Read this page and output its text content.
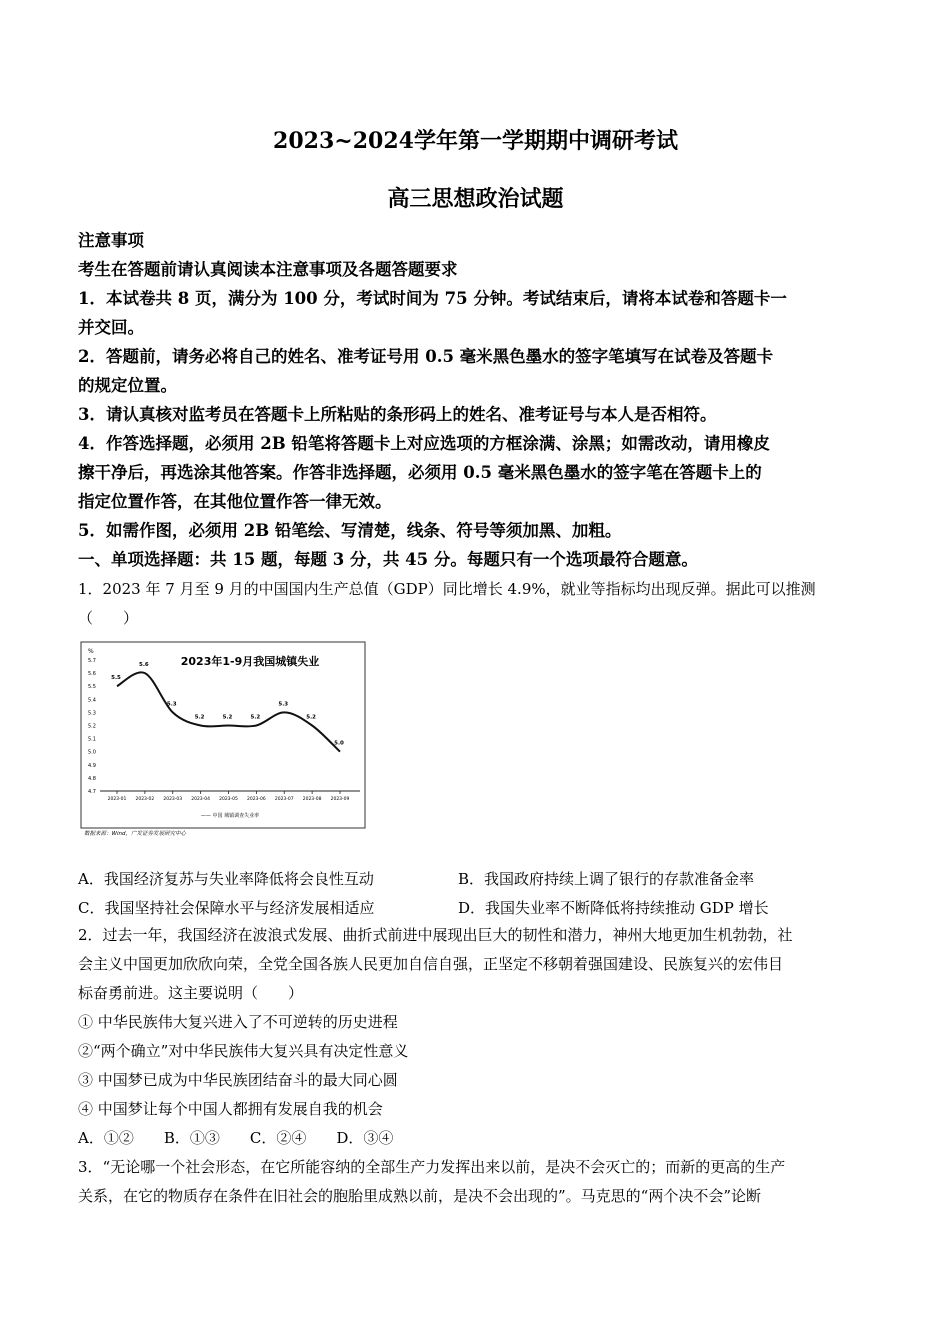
2023~2024学年第一学期期中调研考试
高三思想政治试题
注意事项
考生在答题前请认真阅读本注意事项及各题答题要求
1．本试卷共 8 页，满分为 100 分，考试时间为 75 分钟。考试结束后，请将本试卷和答题卡一
并交回。
2．答题前，请务必将自己的姓名、准考证号用 0.5 毫米黑色墨水的签字笔填写在试卷及答题卡
的规定位置。
3．请认真核对监考员在答题卡上所粘贴的条形码上的姓名、准考证号与本人是否相符。
4．作答选择题，必须用 2B 铅笔将答题卡上对应选项的方框涂满、涂黑；如需改动，请用橡皮
擦干净后，再选涂其他答案。作答非选择题，必须用 0.5 毫米黑色墨水的签字笔在答题卡上的
指定位置作答，在其他位置作答一律无效。
5．如需作图，必须用 2B 铅笔绘、写清楚，线条、符号等须加黑、加粗。
一、单项选择题：共 15 题，每题 3 分，共 45 分。每题只有一个选项最符合题意。
1．2023 年 7 月至 9 月的中国国内生产总值（GDP）同比增长 4.9%，就业等指标均出现反弹。据此可以推测
（　　）
A．我国经济复苏与失业率降低将会良性互动	B．我国政府持续上调了银行的存款准备金率
C．我国坚持社会保障水平与经济发展相适应	D．我国失业率不断降低将持续推动 GDP 增长
2．过去一年，我国经济在波浪式发展、曲折式前进中展现出巨大的韧性和潜力，神州大地更加生机勃勃，社
会主义中国更加欣欣向荣，全党全国各族人民更加自信自强，正坚定不移朝着强国建设、民族复兴的宏伟目
标奋勇前进。这主要说明（　　）
① 中华民族伟大复兴进入了不可逆转的历史进程
②“两个确立”对中华民族伟大复兴具有决定性意义
③ 中国梦已成为中华民族团结奋斗的最大同心圆
④ 中国梦让每个中国人都拥有发展自我的机会
A．①② B．①③ C．②④ D．③④
3．“无论哪一个社会形态，在它所能容纳的全部生产力发挥出来以前，是决不会灭亡的；而新的更高的生产
关系，在它的物质存在条件在旧社会的胞胎里成熟以前，是决不会出现的”。马克思的“两个决不会”论断
2023年1-9月我国城镇失业
%
5.7
5.6
5.5
5.4
5.3
5.2
5.1
5.0
4.9
4.8
4.7
2023-01 2023-02 2023-03 2023-04 2023-05 2023-06 2023-07 2023-08 2023-09
5.5
5.6
5.3
5.2	5.2	5.2
5.3
5.2
5.0
—— 中国 城镇调查失业率
数据来源：Wind，广发证券发展研究中心
